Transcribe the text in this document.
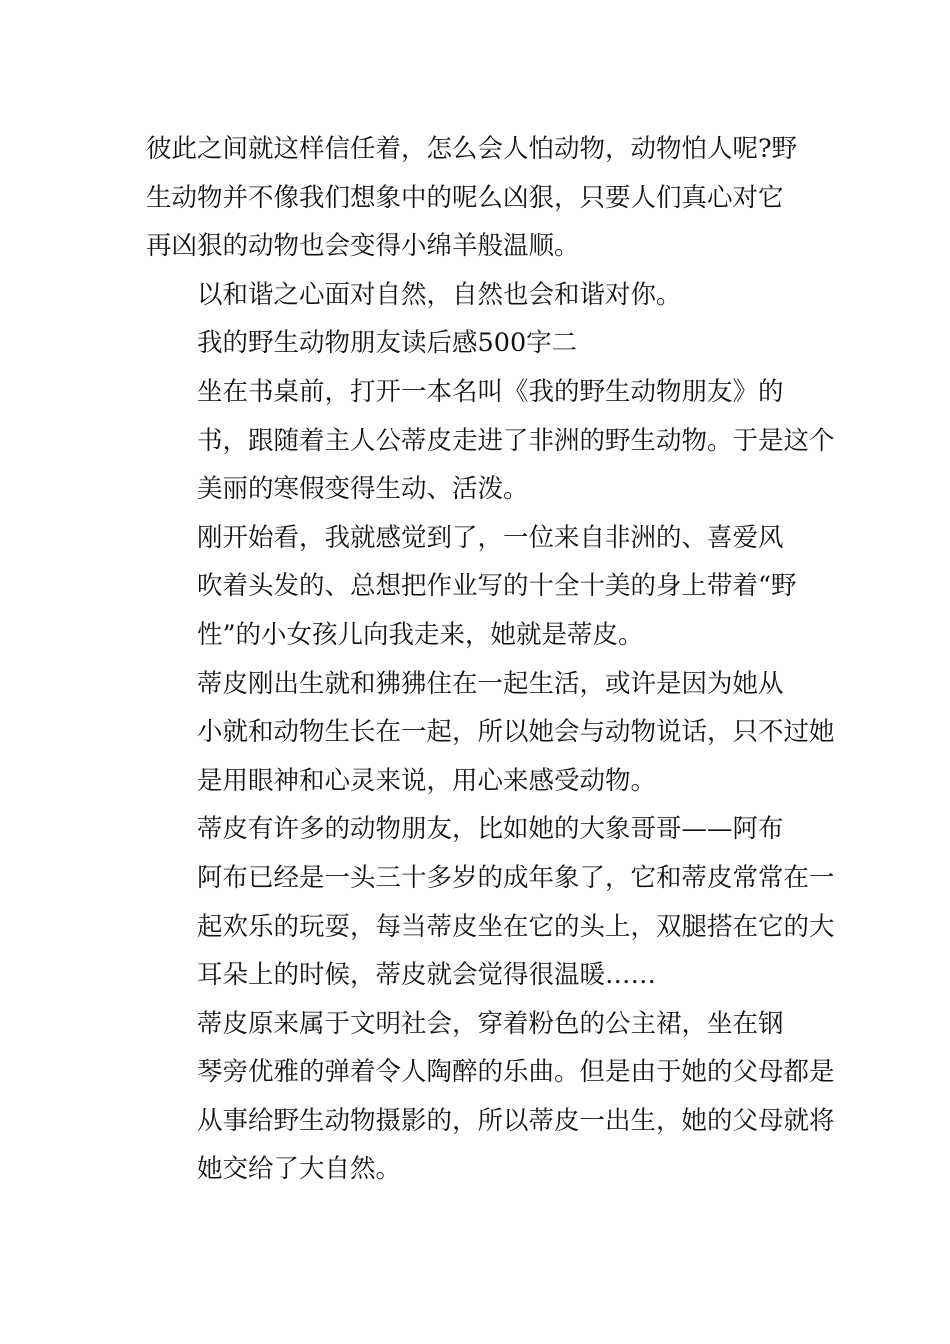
彼此之间就这样信任着，怎么会人怕动物，动物怕人呢?野
生动物并不像我们想象中的呢么凶狠，只要人们真心对它
再凶狠的动物也会变得小绵羊般温顺。

以和谐之心面对自然，自然也会和谐对你。

我的野生动物朋友读后感500字二

坐在书桌前，打开一本名叫《我的野生动物朋友》的
书，跟随着主人公蒂皮走进了非洲的野生动物。于是这个
美丽的寒假变得生动、活泼。

刚开始看，我就感觉到了，一位来自非洲的、喜爱风
吹着头发的、总想把作业写的十全十美的身上带着“野
性”的小女孩儿向我走来，她就是蒂皮。

蒂皮刚出生就和狒狒住在一起生活，或许是因为她从
小就和动物生长在一起，所以她会与动物说话，只不过她
是用眼神和心灵来说，用心来感受动物。

蒂皮有许多的动物朋友，比如她的大象哥哥——阿布
阿布已经是一头三十多岁的成年象了，它和蒂皮常常在一
起欢乐的玩耍，每当蒂皮坐在它的头上，双腿搭在它的大
耳朵上的时候，蒂皮就会觉得很温暖……

蒂皮原来属于文明社会，穿着粉色的公主裙，坐在钢
琴旁优雅的弹着令人陶醉的乐曲。但是由于她的父母都是
从事给野生动物摄影的，所以蒂皮一出生，她的父母就将
她交给了大自然。
